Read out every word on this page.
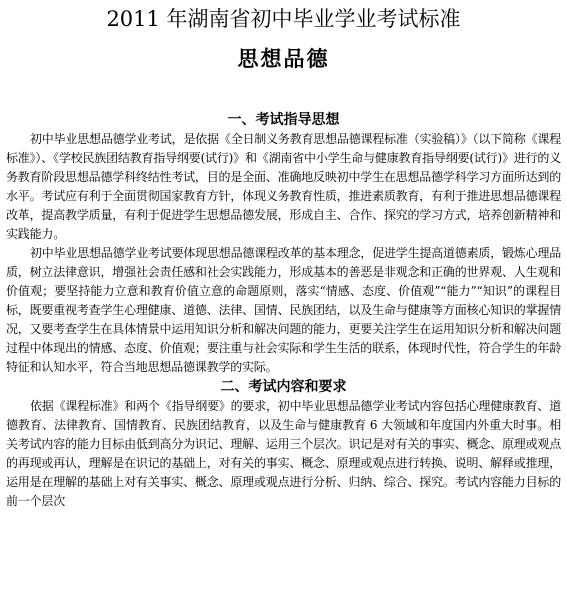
2011 年湖南省初中毕业学业考试标准
思想品德
一、考试指导思想

初中毕业思想品德学业考试，是依据《全日制义务教育思想品德课程标准（实验稿）》（以下简称《课程标准》）、《学校民族团结教育指导纲要(试行)》和《湖南省中小学生命与健康教育指导纲要(试行)》进行的义务教育阶段思想品德学科终结性考试，目的是全面、准确地反映初中学生在思想品德学科学习方面所达到的水平。考试应有利于全面贯彻国家教育方针，体现义务教育性质，推进素质教育，有利于推进思想品德课程改革，提高教学质量，有利于促进学生思想品德发展，形成自主、合作、探究的学习方式，培养创新精神和实践能力。

初中毕业思想品德学业考试要体现思想品德课程改革的基本理念，促进学生提高道德素质，锻炼心理品质，树立法律意识，增强社会责任感和社会实践能力，形成基本的善恶是非观念和正确的世界观、人生观和价值观；要坚持能力立意和教育价值立意的命题原则，落实“情感、态度、价值观”“能力”“知识”的课程目标，既要重视考查学生心理健康、道德、法律、国情、民族团结，以及生命与健康等方面核心知识的掌握情况，又要考查学生在具体情景中运用知识分析和解决问题的能力，更要关注学生在运用知识分析和解决问题过程中体现出的情感、态度、价值观；要注重与社会实际和学生生活的联系，体现时代性，符合学生的年龄特征和认知水平，符合当地思想品德课教学的实际。

二、考试内容和要求

依据《课程标准》和两个《指导纲要》的要求，初中毕业思想品德学业考试内容包括心理健康教育、道德教育、法律教育、国情教育、民族团结教育，以及生命与健康教育 6 大领域和年度国内外重大时事。相关考试内容的能力目标由低到高分为识记、理解、运用三个层次。识记是对有关的事实、概念、原理或观点的再现或再认，理解是在识记的基础上，对有关的事实、概念、原理或观点进行转换、说明、解释或推理，运用是在理解的基础上对有关事实、概念、原理或观点进行分析、归纳、综合、探究。考试内容能力目标的前一个层次
